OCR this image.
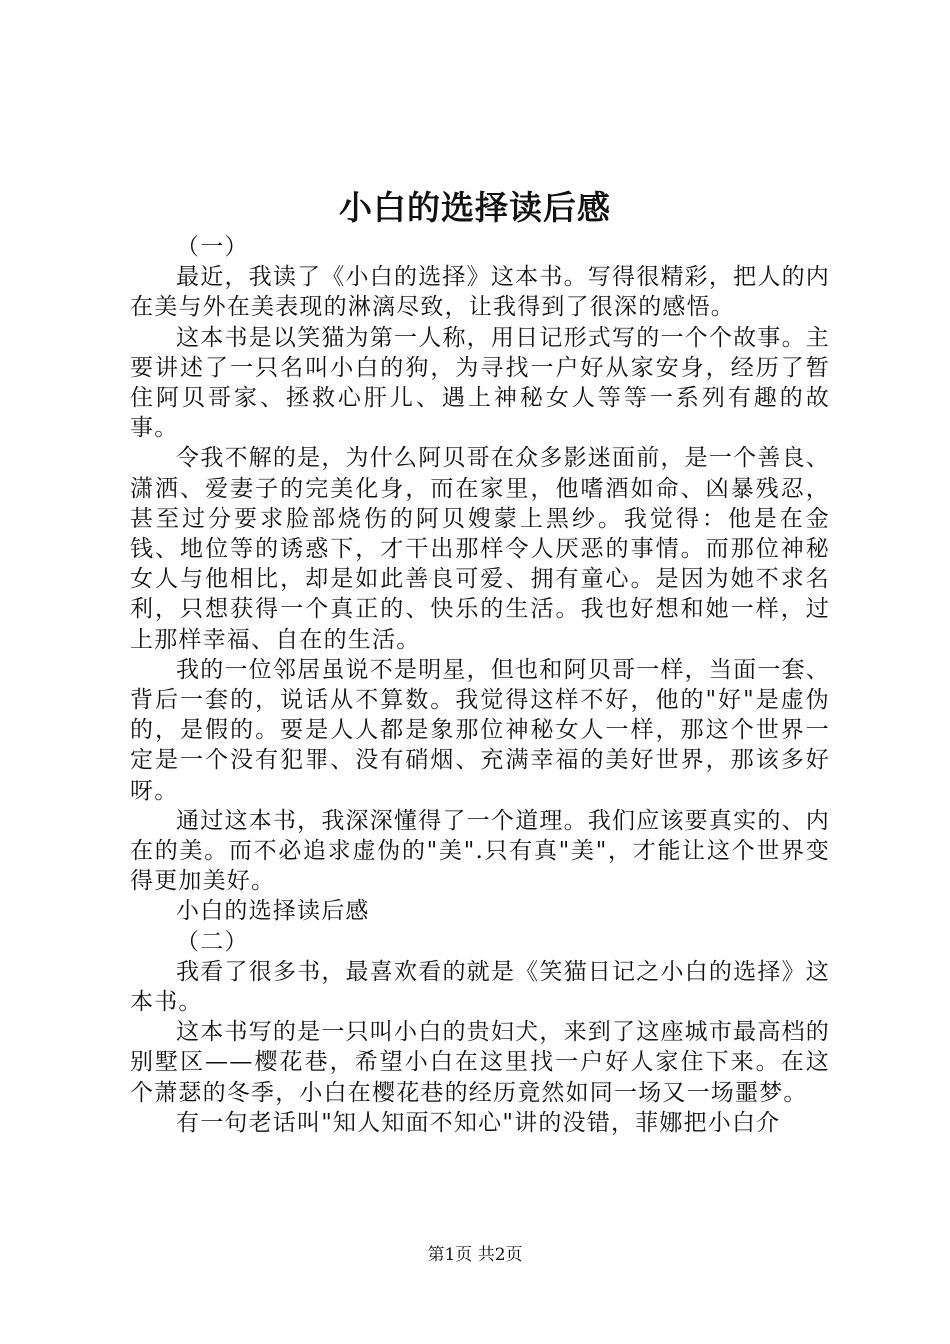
小白的选择读后感

（一）

最近，我读了《小白的选择》这本书。写得很精彩，把人的内在美与外在美表现的淋漓尽致，让我得到了很深的感悟。

这本书是以笑猫为第一人称，用日记形式写的一个个故事。主要讲述了一只名叫小白的狗，为寻找一户好从家安身，经历了暂住阿贝哥家、拯救心肝儿、遇上神秘女人等等一系列有趣的故事。

令我不解的是，为什么阿贝哥在众多影迷面前，是一个善良、潇洒、爱妻子的完美化身，而在家里，他嗜酒如命、凶暴残忍，甚至过分要求脸部烧伤的阿贝嫂蒙上黑纱。我觉得：他是在金钱、地位等的诱惑下，才干出那样令人厌恶的事情。而那位神秘女人与他相比，却是如此善良可爱、拥有童心。是因为她不求名利，只想获得一个真正的、快乐的生活。我也好想和她一样，过上那样幸福、自在的生活。

我的一位邻居虽说不是明星，但也和阿贝哥一样，当面一套、背后一套的，说话从不算数。我觉得这样不好，他的"好"是虚伪的，是假的。要是人人都是象那位神秘女人一样，那这个世界一定是一个没有犯罪、没有硝烟、充满幸福的美好世界，那该多好呀。

通过这本书，我深深懂得了一个道理。我们应该要真实的、内在的美。而不必追求虚伪的"美".只有真"美"，才能让这个世界变得更加美好。

小白的选择读后感

（二）

我看了很多书，最喜欢看的就是《笑猫日记之小白的选择》这本书。

这本书写的是一只叫小白的贵妇犬，来到了这座城市最高档的别墅区——樱花巷，希望小白在这里找一户好人家住下来。在这个萧瑟的冬季，小白在樱花巷的经历竟然如同一场又一场噩梦。

有一句老话叫"知人知面不知心"讲的没错，菲娜把小白介

第1页 共2页
